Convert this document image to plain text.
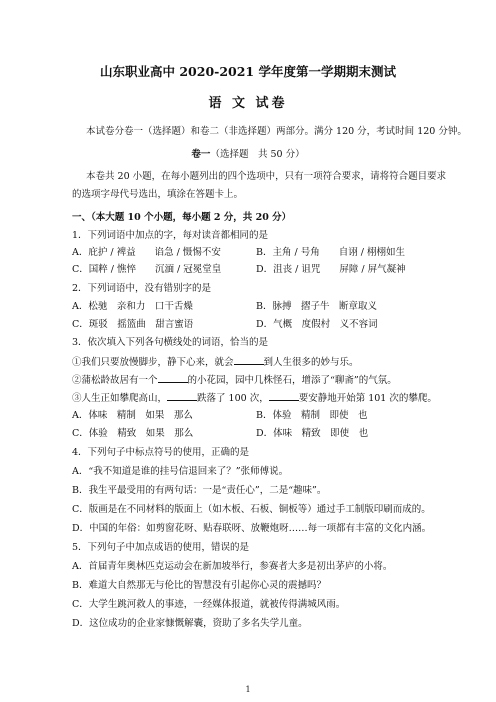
山东职业高中 2020-2021 学年度第一学期期末测试
语 文 试卷
本试卷分卷一（选择题）和卷二（非选择题）两部分。满分 120 分，考试时间 120 分钟。
卷一（选择题　共 50 分）
本卷共 20 小题，在每小题列出的四个选项中，只有一项符合要求，请将符合题目要求
的选项字母代号选出，填涂在答题卡上。
一、（本大题 10 个小题，每小题 2 分，共 20 分）
1．下列词语中加点的字，每对读音都相同的是
A．庇护 / 裨益　　谄急 / 慑惕不安	B．主角 / 号角　　自诩 / 栩栩如生
C．国粹 / 憔悴　　沉湎 / 冠冕堂皇	D．沮丧 / 诅咒　　屏障 / 屏气凝神
2．下列词语中，没有错别字的是
A．松驰　亲和力　口干舌燥	B．脉搏　摺子牛　断章取义
C．斑驳　摇篮曲　甜言蜜语	D．气概　度假村　义不容词
3．依次填入下列各句横线处的词语，恰当的是
①我们只要放慢脚步，静下心来，就会	到人生很多的妙与乐。
②蒲松龄故居有一个	的小花园，园中几株怪石，增添了“聊斋”的气氛。
③人生正如攀爬高山，	跌落了 100 次，	要安静地开始第 101 次的攀爬。
A．体味　精制　如果　那么	B．体验　精制　即使　也
C．体验　精致　如果　那么	D．体味　精致　即使　也
4．下列句子中标点符号的使用，正确的是
A．“我不知道是谁的挂号信退回来了？”张师傅说。
B．我生平最受用的有两句话：一是“责任心”，二是“趣味”。
C．版画是在不同材料的版面上（如木板、石板、铜板等）通过手工制版印刷而成的。
D．中国的年俗：如剪窗花呀、贴春联呀、放鞭炮呀……每一项都有丰富的文化内涵。
5．下列句子中加点成语的使用，错误的是
A．首届青年奥林匹克运动会在新加坡举行，参赛者大多是初出茅庐的小将。
B．难道大自然那无与伦比的智慧没有引起你心灵的震撼吗？
C．大学生跳河救人的事迹，一经媒体报道，就被传得满城风雨。
D．这位成功的企业家慷慨解囊，资助了多名失学儿童。
1
